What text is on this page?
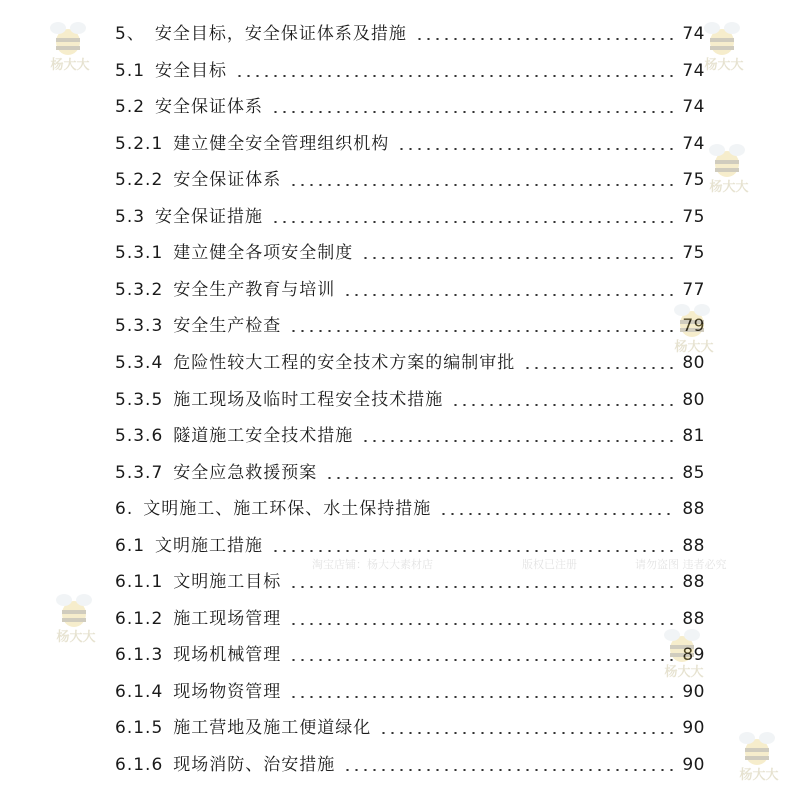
5、 安全目标，安全保证体系及措施	74
5.1 安全目标	74
5.2 安全保证体系	74
5.2.1 建立健全安全管理组织机构	74
5.2.2 安全保证体系	75
5.3 安全保证措施	75
5.3.1 建立健全各项安全制度	75
5.3.2 安全生产教育与培训	77
5.3.3 安全生产检查	79
5.3.4 危险性较大工程的安全技术方案的编制审批	80
5.3.5 施工现场及临时工程安全技术措施	80
5.3.6 隧道施工安全技术措施	81
5.3.7 安全应急救援预案	85
6. 文明施工、施工环保、水土保持措施	88
6.1 文明施工措施	88
6.1.1 文明施工目标	88
6.1.2 施工现场管理	88
6.1.3 现场机械管理	89
6.1.4 现场物资管理	90
6.1.5 施工营地及施工便道绿化	90
6.1.6 现场消防、治安措施	90
杨大大	杨大大
杨大大
杨大大
杨大大
杨大大
杨大大
淘宝店铺：杨大大素材店	版权已注册	请勿盗图 违者必究
